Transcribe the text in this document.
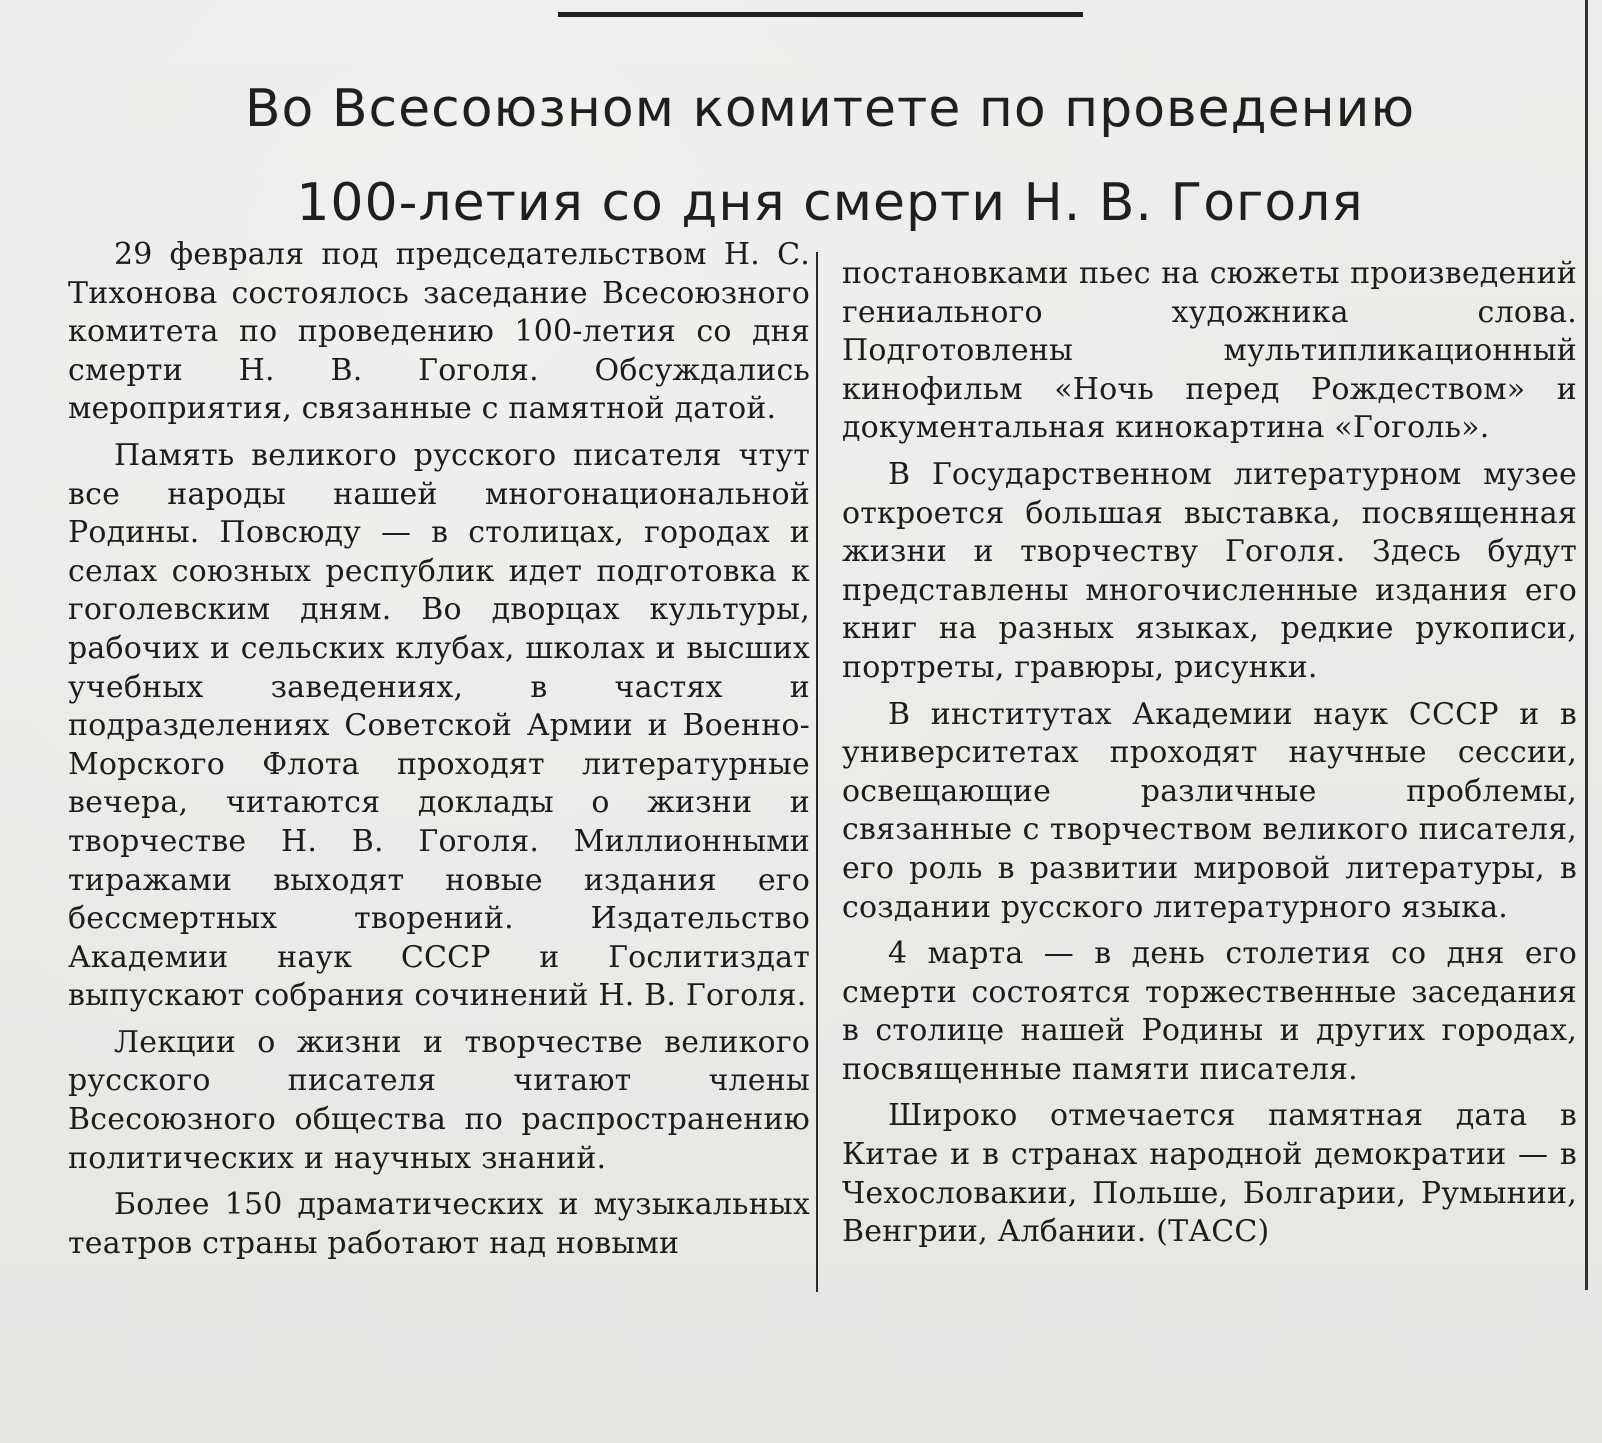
Во Всесоюзном комитете по проведению
100-летия со дня смерти Н. В. Гоголя

29 февраля под председательством Н. С. Тихонова состоялось заседание Всесоюзного комитета по проведению 100-летия со дня смерти Н. В. Гоголя. Обсуждались мероприятия, связанные с памятной датой.

Память великого русского писателя чтут все народы нашей многонациональной Родины. Повсюду — в столицах, городах и селах союзных республик идет подготовка к гоголевским дням. Во дворцах культуры, рабочих и сельских клубах, школах и высших учебных заведениях, в частях и подразделениях Советской Армии и Военно-Морского Флота проходят литературные вечера, читаются доклады о жизни и творчестве Н. В. Гоголя. Миллионными тиражами выходят новые издания его бессмертных творений. Издательство Академии наук СССР и Гослитиздат выпускают собрания сочинений Н. В. Гоголя.

Лекции о жизни и творчестве великого русского писателя читают члены Всесоюзного общества по распространению политических и научных знаний.

Более 150 драматических и музыкальных театров страны работают над новыми

постановками пьес на сюжеты произведений гениального художника слова. Подготовлены мультипликационный кинофильм «Ночь перед Рождеством» и документальная кинокартина «Гоголь».

В Государственном литературном музее откроется большая выставка, посвященная жизни и творчеству Гоголя. Здесь будут представлены многочисленные издания его книг на разных языках, редкие рукописи, портреты, гравюры, рисунки.

В институтах Академии наук СССР и в университетах проходят научные сессии, освещающие различные проблемы, связанные с творчеством великого писателя, его роль в развитии мировой литературы, в создании русского литературного языка.

4 марта — в день столетия со дня его смерти состоятся торжественные заседания в столице нашей Родины и других городах, посвященные памяти писателя.

Широко отмечается памятная дата в Китае и в странах народной демократии — в Чехословакии, Польше, Болгарии, Румынии, Венгрии, Албании. (ТАСС)
